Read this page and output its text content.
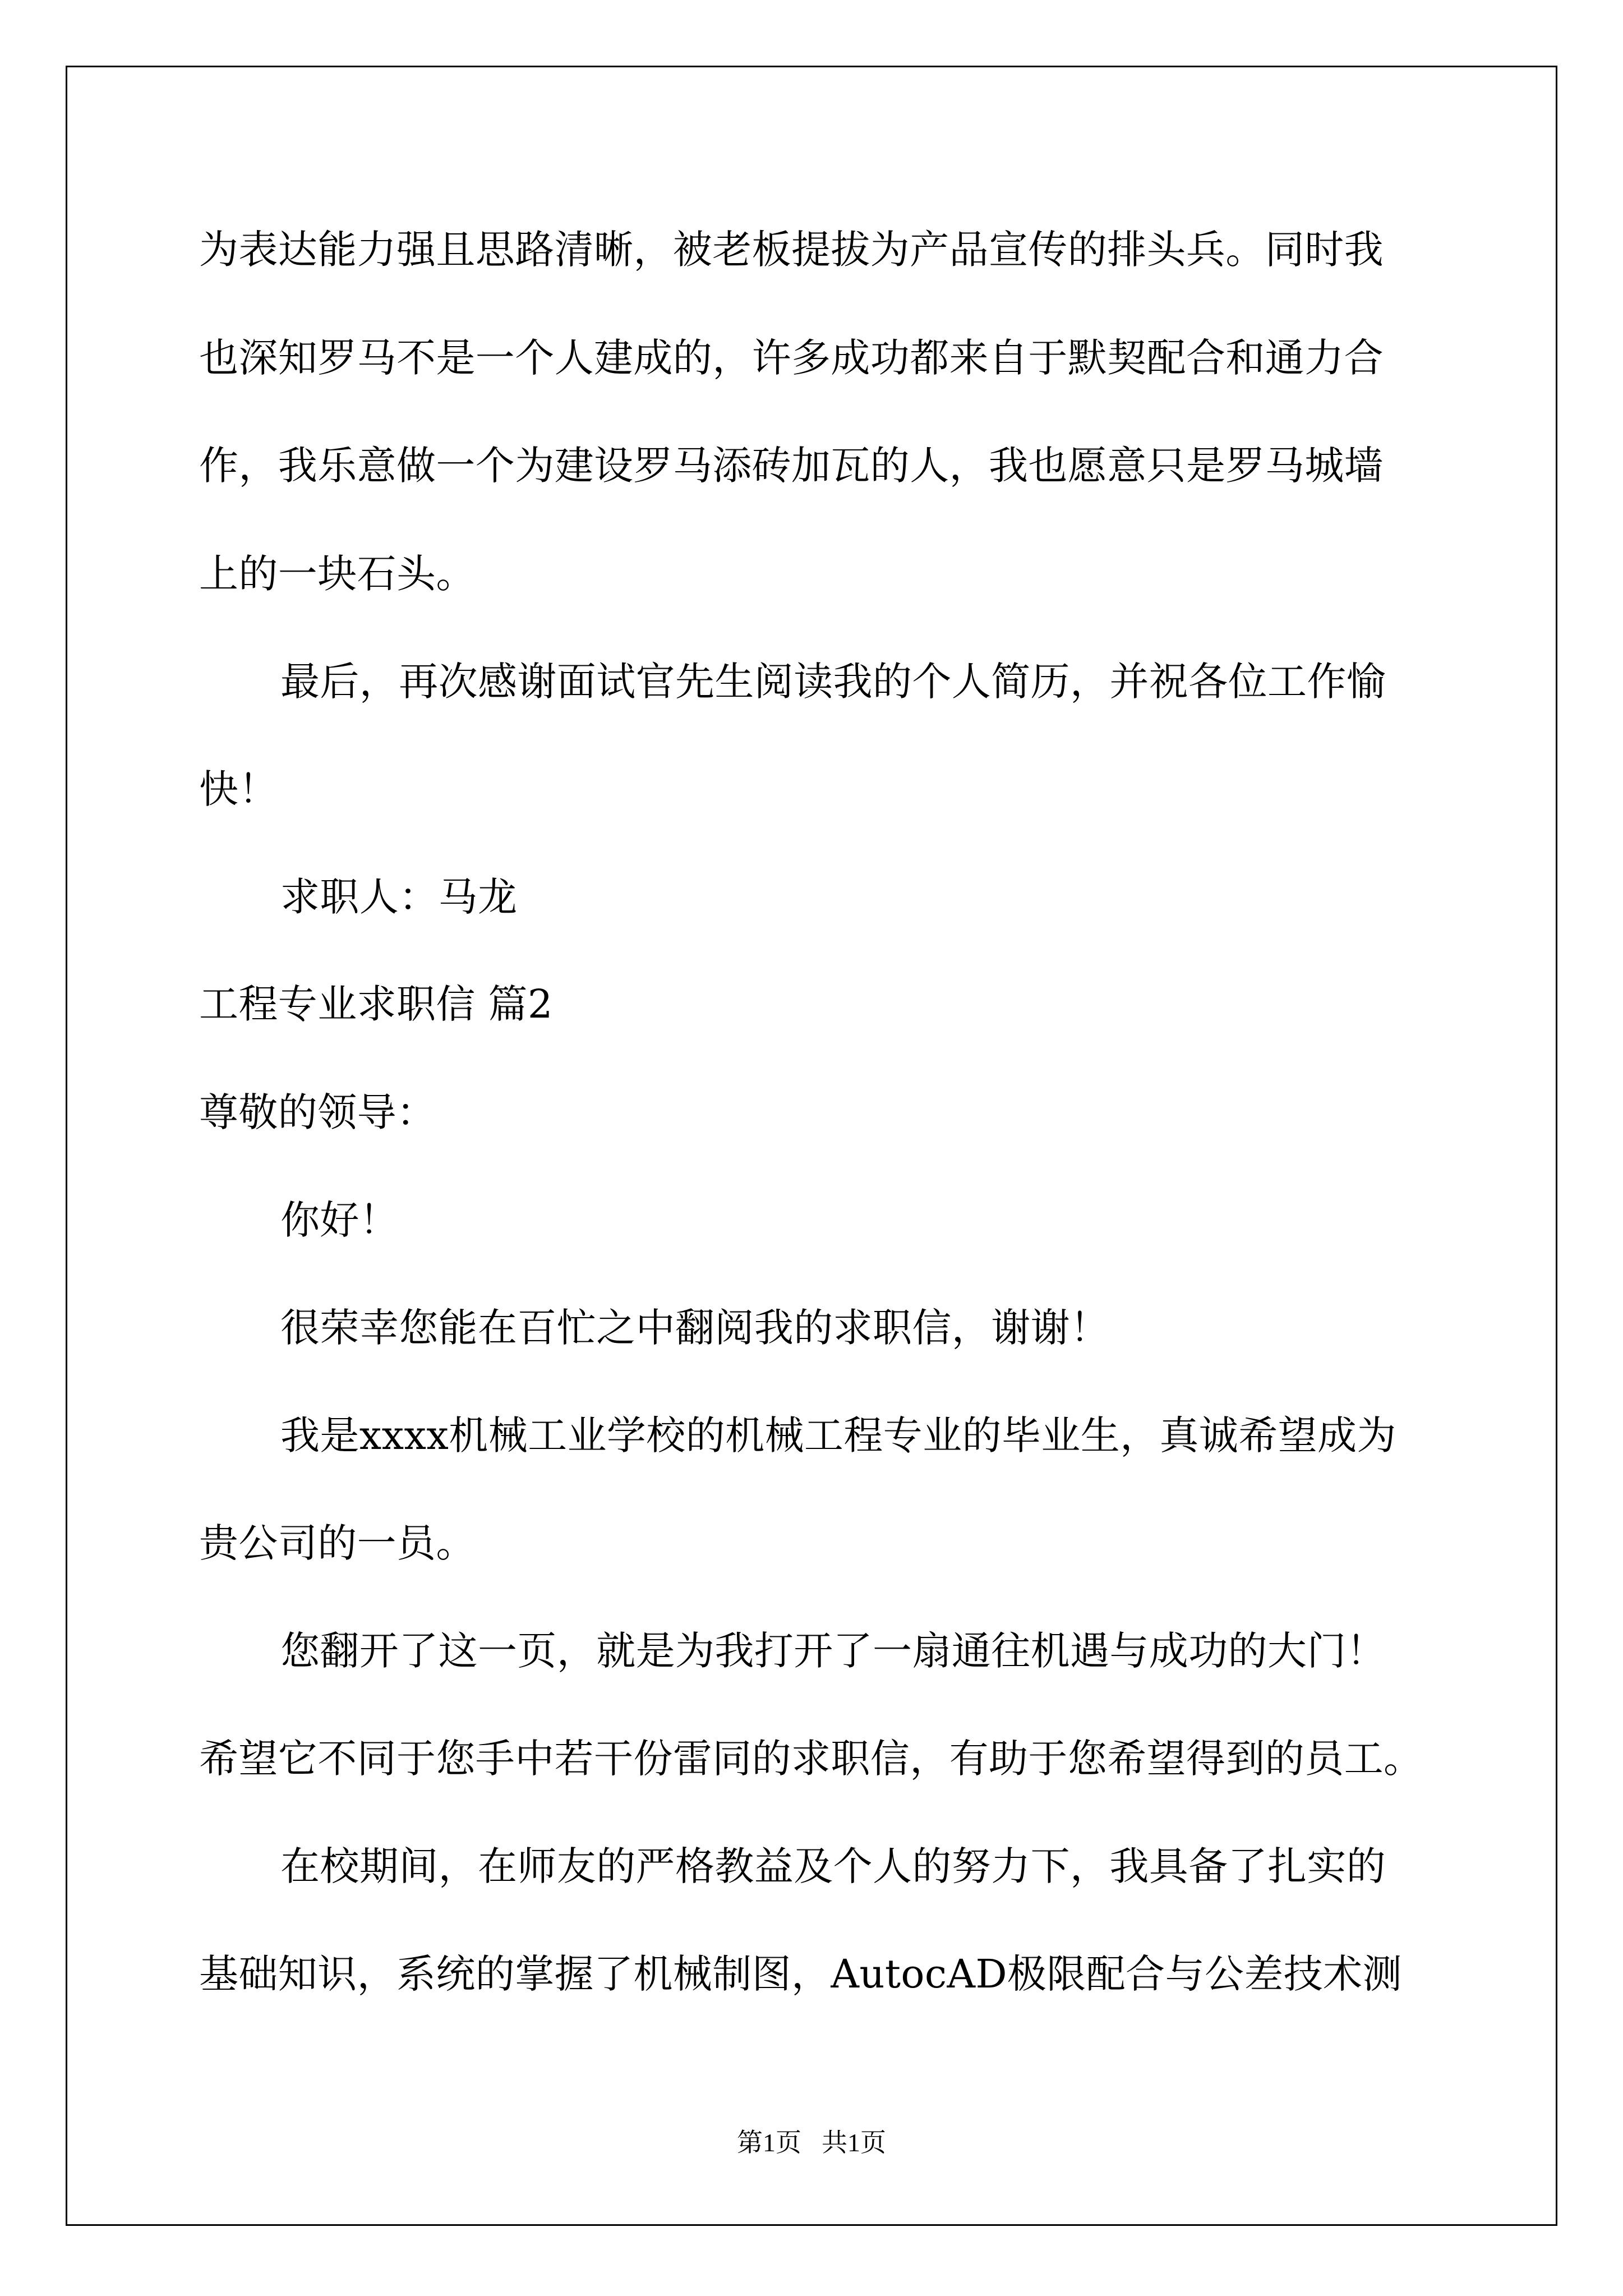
为表达能力强且思路清晰，被老板提拔为产品宣传的排头兵。同时我
也深知罗马不是一个人建成的，许多成功都来自于默契配合和通力合
作，我乐意做一个为建设罗马添砖加瓦的人，我也愿意只是罗马城墙
上的一块石头。
最后，再次感谢面试官先生阅读我的个人简历，并祝各位工作愉
快！
求职人：马龙
工程专业求职信 篇2
尊敬的领导：
你好！
很荣幸您能在百忙之中翻阅我的求职信，谢谢！
我是xxxx机械工业学校的机械工程专业的毕业生，真诚希望成为
贵公司的一员。
您翻开了这一页，就是为我打开了一扇通往机遇与成功的大门！
希望它不同于您手中若干份雷同的求职信，有助于您希望得到的员工。
在校期间，在师友的严格教益及个人的努力下，我具备了扎实的
基础知识，系统的掌握了机械制图，AutocAD极限配合与公差技术测
第1页 共1页
